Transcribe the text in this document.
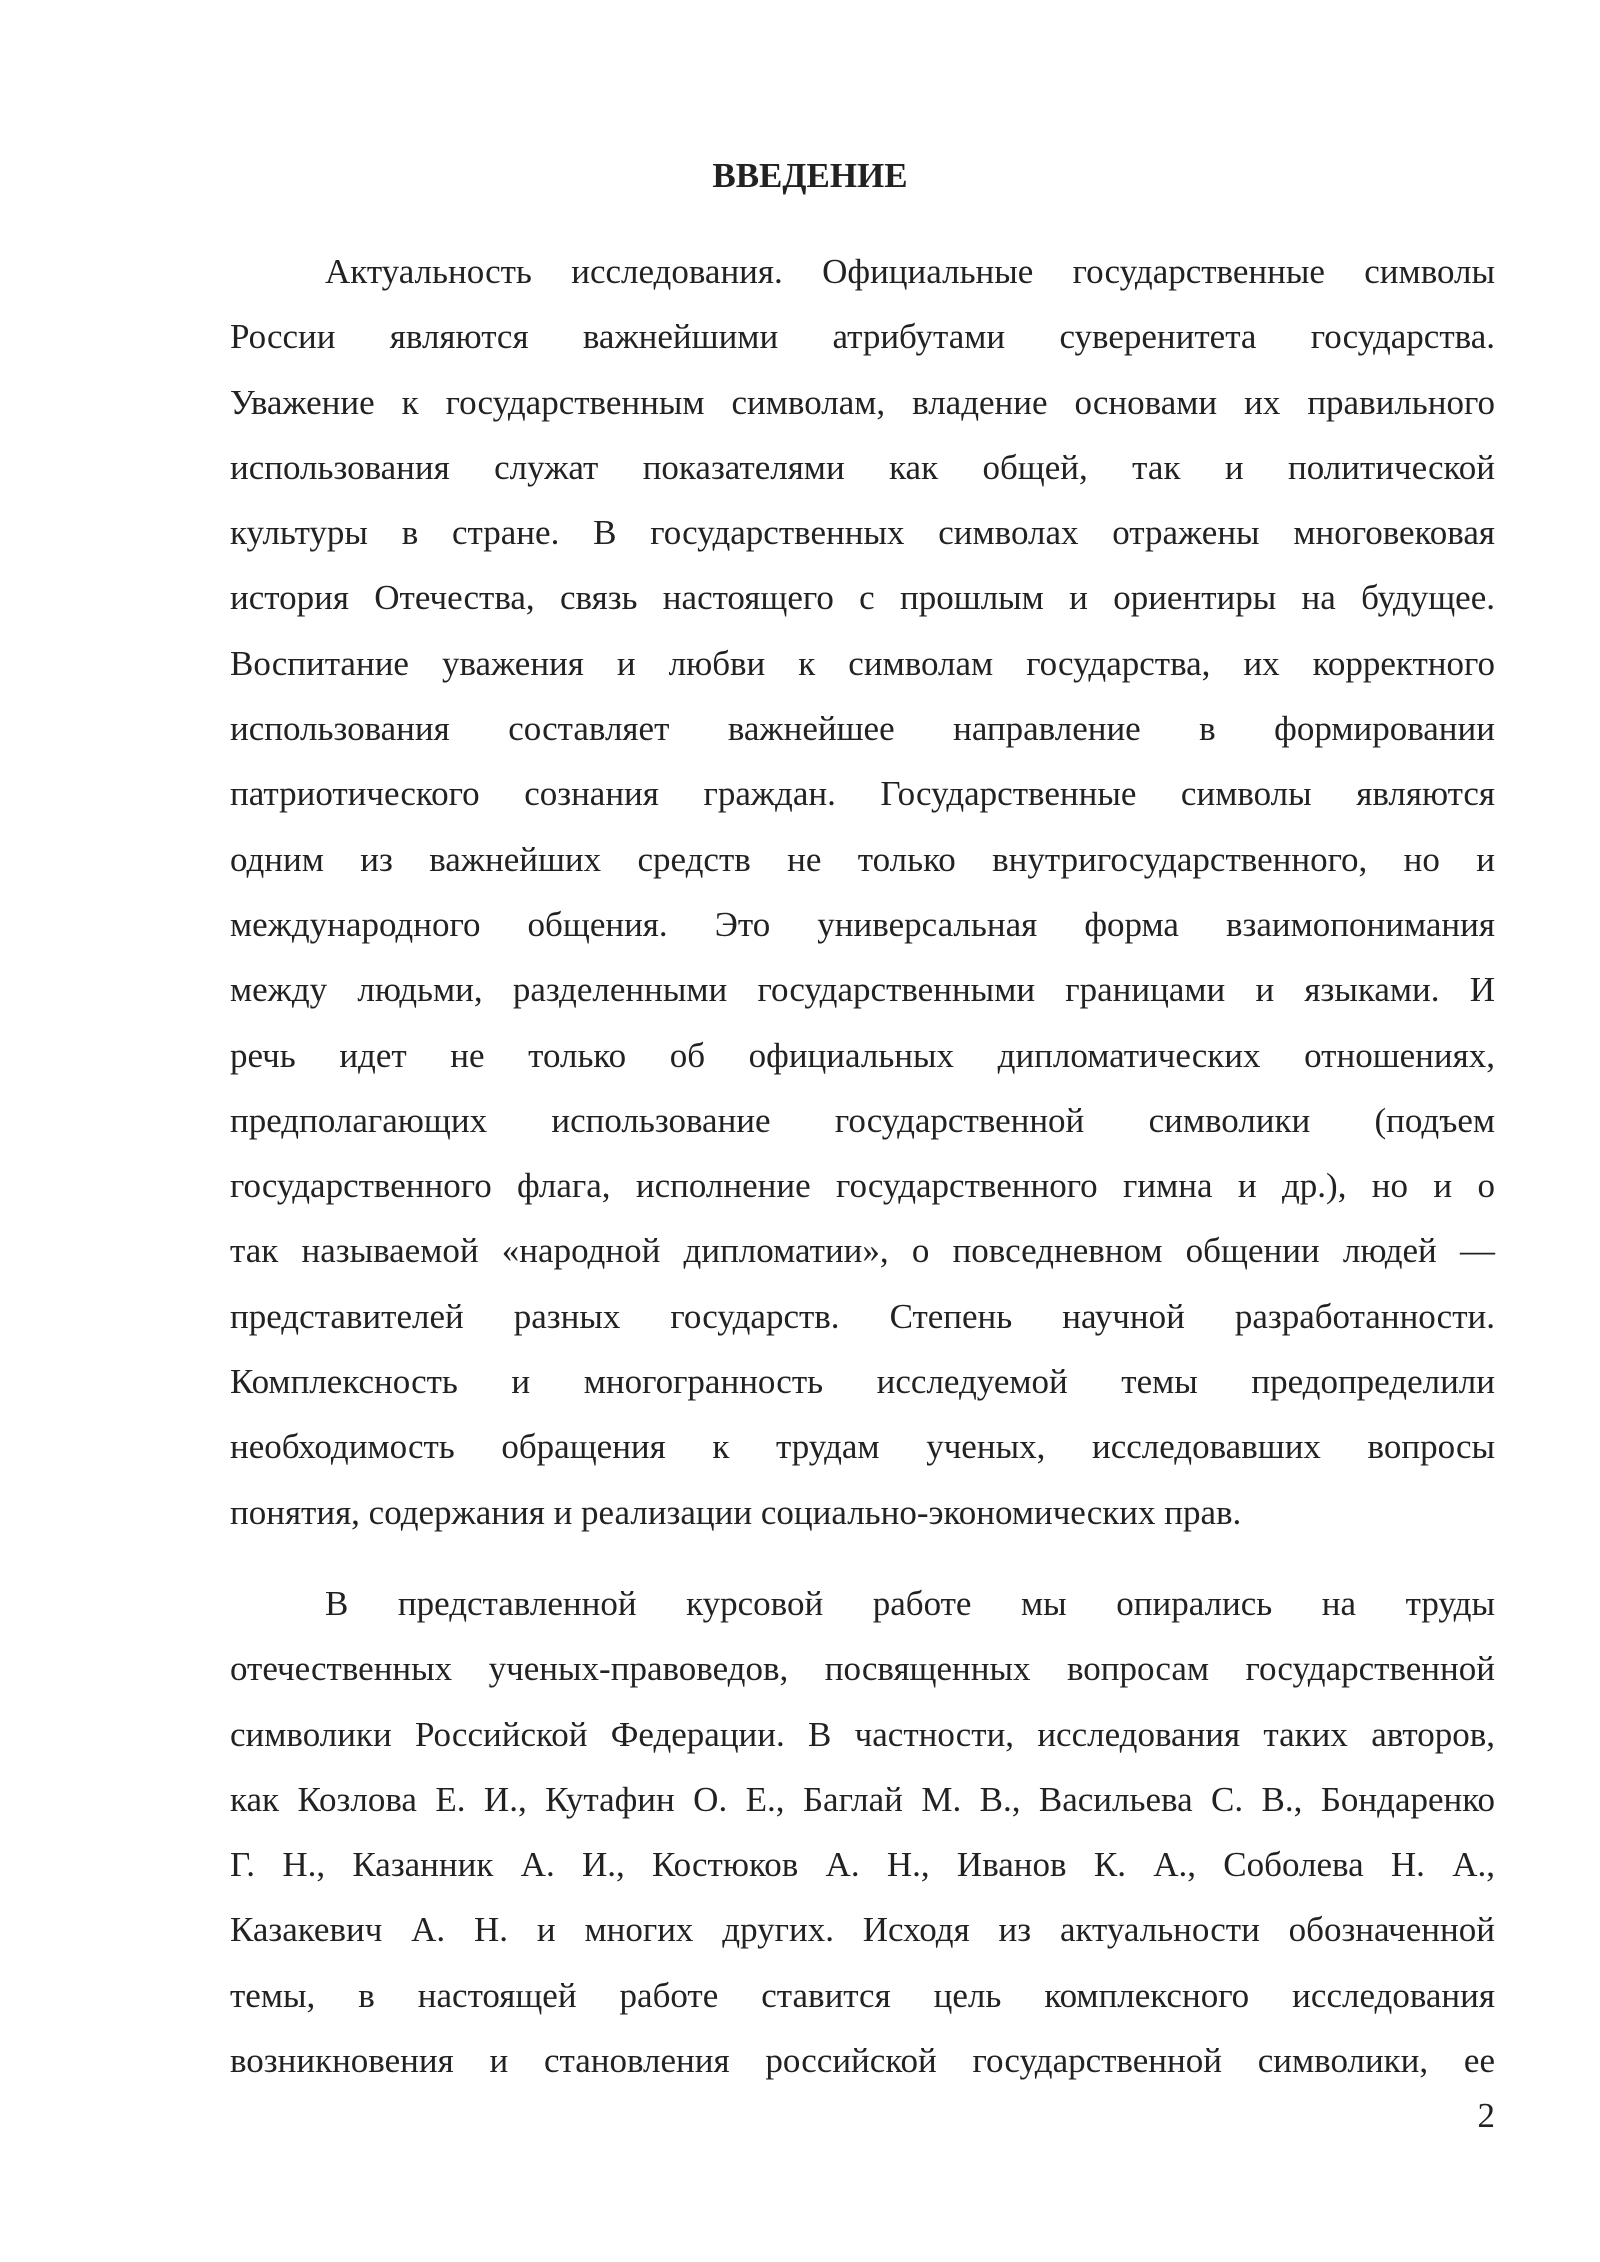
ВВЕДЕНИЕ
Актуальность исследования. Официальные государственные символы
России являются важнейшими атрибутами суверенитета государства.
Уважение к государственным символам, владение основами их правильного
использования служат показателями как общей, так и политической
культуры в стране. В государственных символах отражены многовековая
история Отечества, связь настоящего с прошлым и ориентиры на будущее.
Воспитание уважения и любви к символам государства, их корректного
использования составляет важнейшее направление в формировании
патриотического сознания граждан. Государственные символы являются
одним из важнейших средств не только внутригосударственного, но и
международного общения. Это универсальная форма взаимопонимания
между людьми, разделенными государственными границами и языками. И
речь идет не только об официальных дипломатических отношениях,
предполагающих использование государственной символики (подъем
государственного флага, исполнение государственного гимна и др.), но и о
так называемой «народной дипломатии», о повседневном общении людей —
представителей разных государств. Степень научной разработанности.
Комплексность и многогранность исследуемой темы предопределили
необходимость обращения к трудам ученых, исследовавших вопросы
понятия, содержания и реализации социально-экономических прав.
В представленной курсовой работе мы опирались на труды
отечественных ученых-правоведов, посвященных вопросам государственной
символики Российской Федерации. В частности, исследования таких авторов,
как Козлова Е. И., Кутафин О. Е., Баглай М. В., Васильева С. В., Бондаренко
Г. Н., Казанник А. И., Костюков А. Н., Иванов К. А., Соболева Н. А.,
Казакевич А. Н. и многих других. Исходя из актуальности обозначенной
темы, в настоящей работе ставится цель комплексного исследования
возникновения и становления российской государственной символики, ее
2
